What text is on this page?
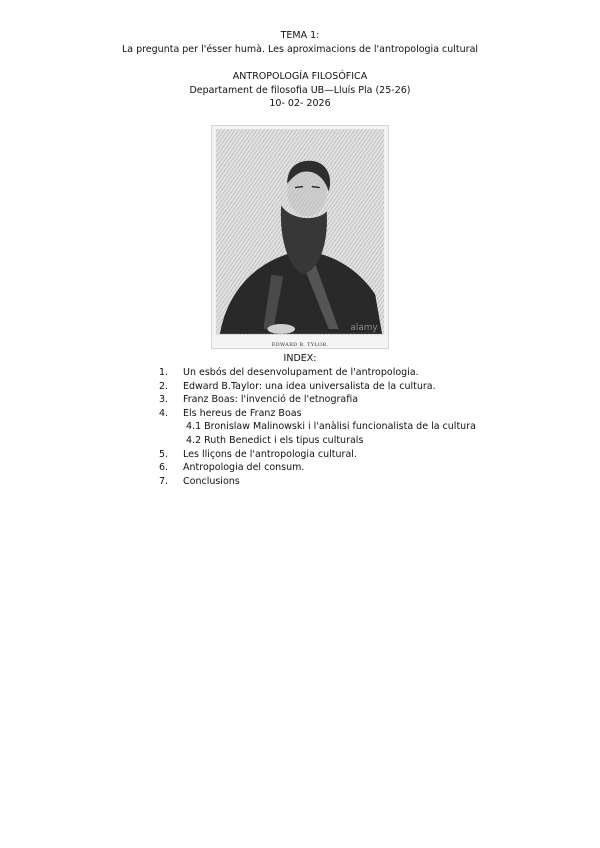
TEMA 1:
La pregunta per l'ésser humà. Les aproximacions de l'antropologia cultural
ANTROPOLOGÍA FILOSÓFICA
Departament de filosofia UB—Lluís Pla (25-26)
10- 02- 2026
alamy
EDWARD B. TYLOR.
INDEX:
1.	Un esbós del desenvolupament de l'antropologia.
2.	Edward B.Taylor: una idea universalista de la cultura.
3.	Franz Boas: l'invenció de l'etnografia
4.	Els hereus de Franz Boas
4.1 Bronislaw Malinowski i l'anàlisi funcionalista de la cultura
4.2 Ruth Benedict i els tipus culturals
5.	Les lliçons de l'antropologia cultural.
6.	Antropologia del consum.
7.	Conclusions
